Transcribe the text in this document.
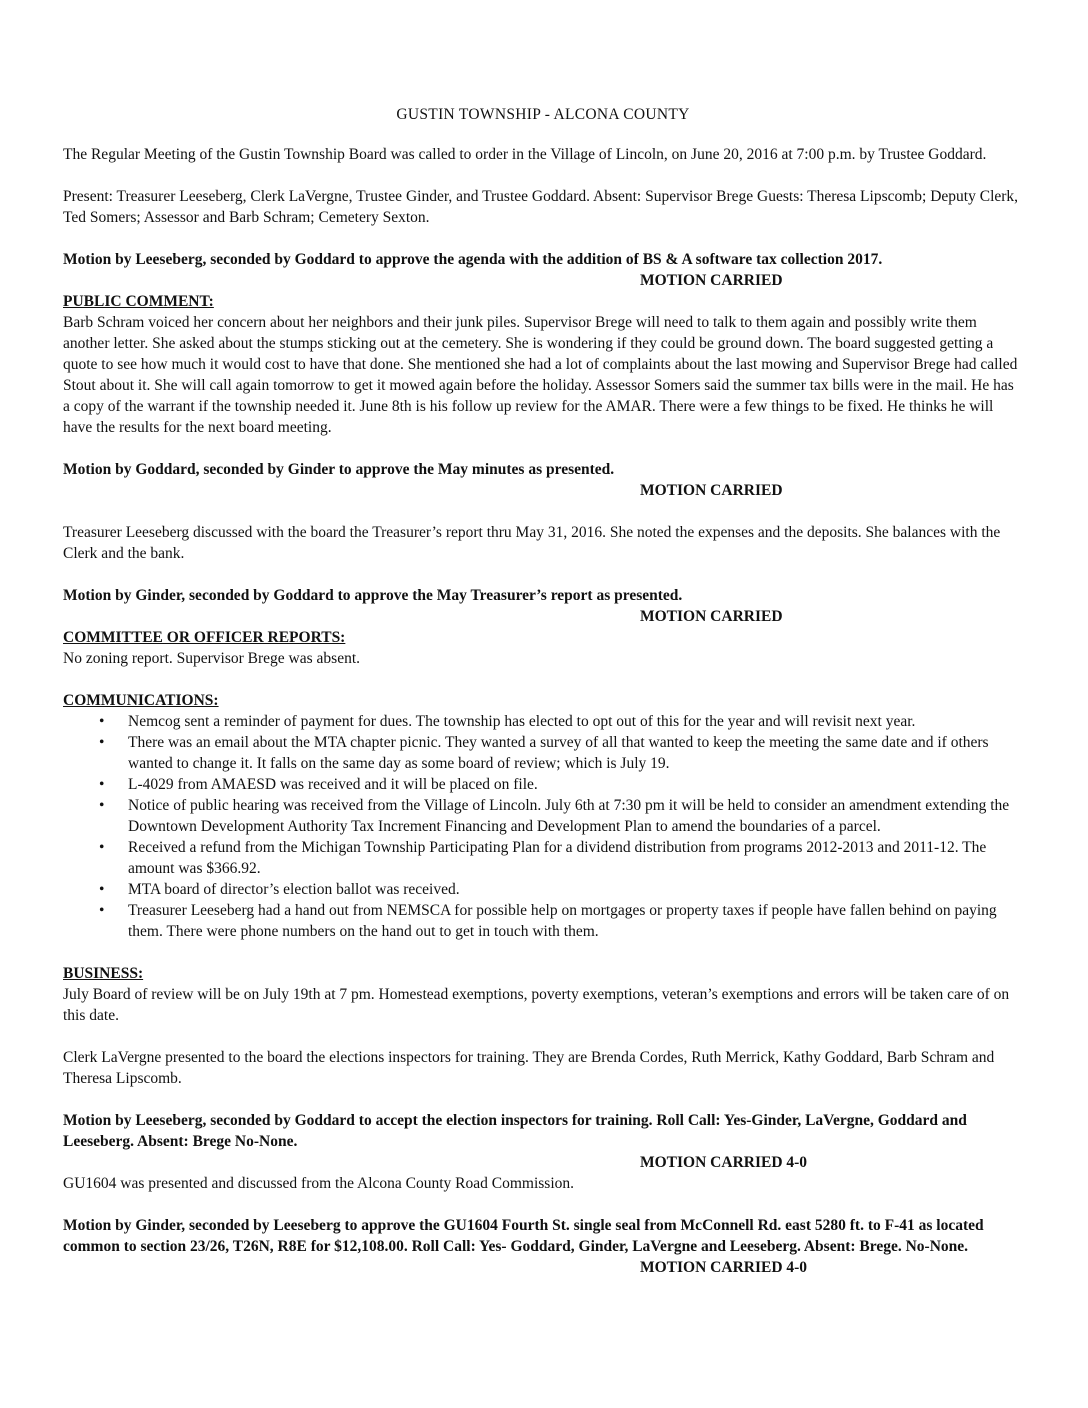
GUSTIN TOWNSHIP - ALCONA COUNTY

The Regular Meeting of the Gustin Township Board was called to order in the Village of Lincoln, on June 20, 2016 at 7:00 p.m. by Trustee Goddard.

Present: Treasurer Leeseberg, Clerk LaVergne, Trustee Ginder, and Trustee Goddard. Absent: Supervisor Brege Guests: Theresa Lipscomb; Deputy Clerk, Ted Somers; Assessor and Barb Schram; Cemetery Sexton.

Motion by Leeseberg, seconded by Goddard to approve the agenda with the addition of BS & A software tax collection 2017.

MOTION CARRIED

PUBLIC COMMENT:

Barb Schram voiced her concern about her neighbors and their junk piles. Supervisor Brege will need to talk to them again and possibly write them another letter. She asked about the stumps sticking out at the cemetery. She is wondering if they could be ground down. The board suggested getting a quote to see how much it would cost to have that done. She mentioned she had a lot of complaints about the last mowing and Supervisor Brege had called Stout about it. She will call again tomorrow to get it mowed again before the holiday. Assessor Somers said the summer tax bills were in the mail. He has a copy of the warrant if the township needed it. June 8th is his follow up review for the AMAR. There were a few things to be fixed. He thinks he will have the results for the next board meeting.

Motion by Goddard, seconded by Ginder to approve the May minutes as presented.

MOTION CARRIED

Treasurer Leeseberg discussed with the board the Treasurer’s report thru May 31, 2016. She noted the expenses and the deposits. She balances with the Clerk and the bank.

Motion by Ginder, seconded by Goddard to approve the May Treasurer’s report as presented.

MOTION CARRIED

COMMITTEE OR OFFICER REPORTS:

No zoning report. Supervisor Brege was absent.

COMMUNICATIONS:

• Nemcog sent a reminder of payment for dues. The township has elected to opt out of this for the year and will revisit next year.
• There was an email about the MTA chapter picnic. They wanted a survey of all that wanted to keep the meeting the same date and if others wanted to change it. It falls on the same day as some board of review; which is July 19.
• L-4029 from AMAESD was received and it will be placed on file.
• Notice of public hearing was received from the Village of Lincoln. July 6th at 7:30 pm it will be held to consider an amendment extending the Downtown Development Authority Tax Increment Financing and Development Plan to amend the boundaries of a parcel.
• Received a refund from the Michigan Township Participating Plan for a dividend distribution from programs 2012-2013 and 2011-12. The amount was $366.92.
• MTA board of director’s election ballot was received.
• Treasurer Leeseberg had a hand out from NEMSCA for possible help on mortgages or property taxes if people have fallen behind on paying them. There were phone numbers on the hand out to get in touch with them.

BUSINESS:

July Board of review will be on July 19th at 7 pm. Homestead exemptions, poverty exemptions, veteran’s exemptions and errors will be taken care of on this date.

Clerk LaVergne presented to the board the elections inspectors for training. They are Brenda Cordes, Ruth Merrick, Kathy Goddard, Barb Schram and Theresa Lipscomb.

Motion by Leeseberg, seconded by Goddard to accept the election inspectors for training. Roll Call: Yes-Ginder, LaVergne, Goddard and Leeseberg. Absent: Brege No-None.

MOTION CARRIED 4-0

GU1604 was presented and discussed from the Alcona County Road Commission.

Motion by Ginder, seconded by Leeseberg to approve the GU1604 Fourth St. single seal from McConnell Rd. east 5280 ft. to F-41 as located common to section 23/26, T26N, R8E for $12,108.00. Roll Call: Yes- Goddard, Ginder, LaVergne and Leeseberg. Absent: Brege. No-None.

MOTION CARRIED 4-0
